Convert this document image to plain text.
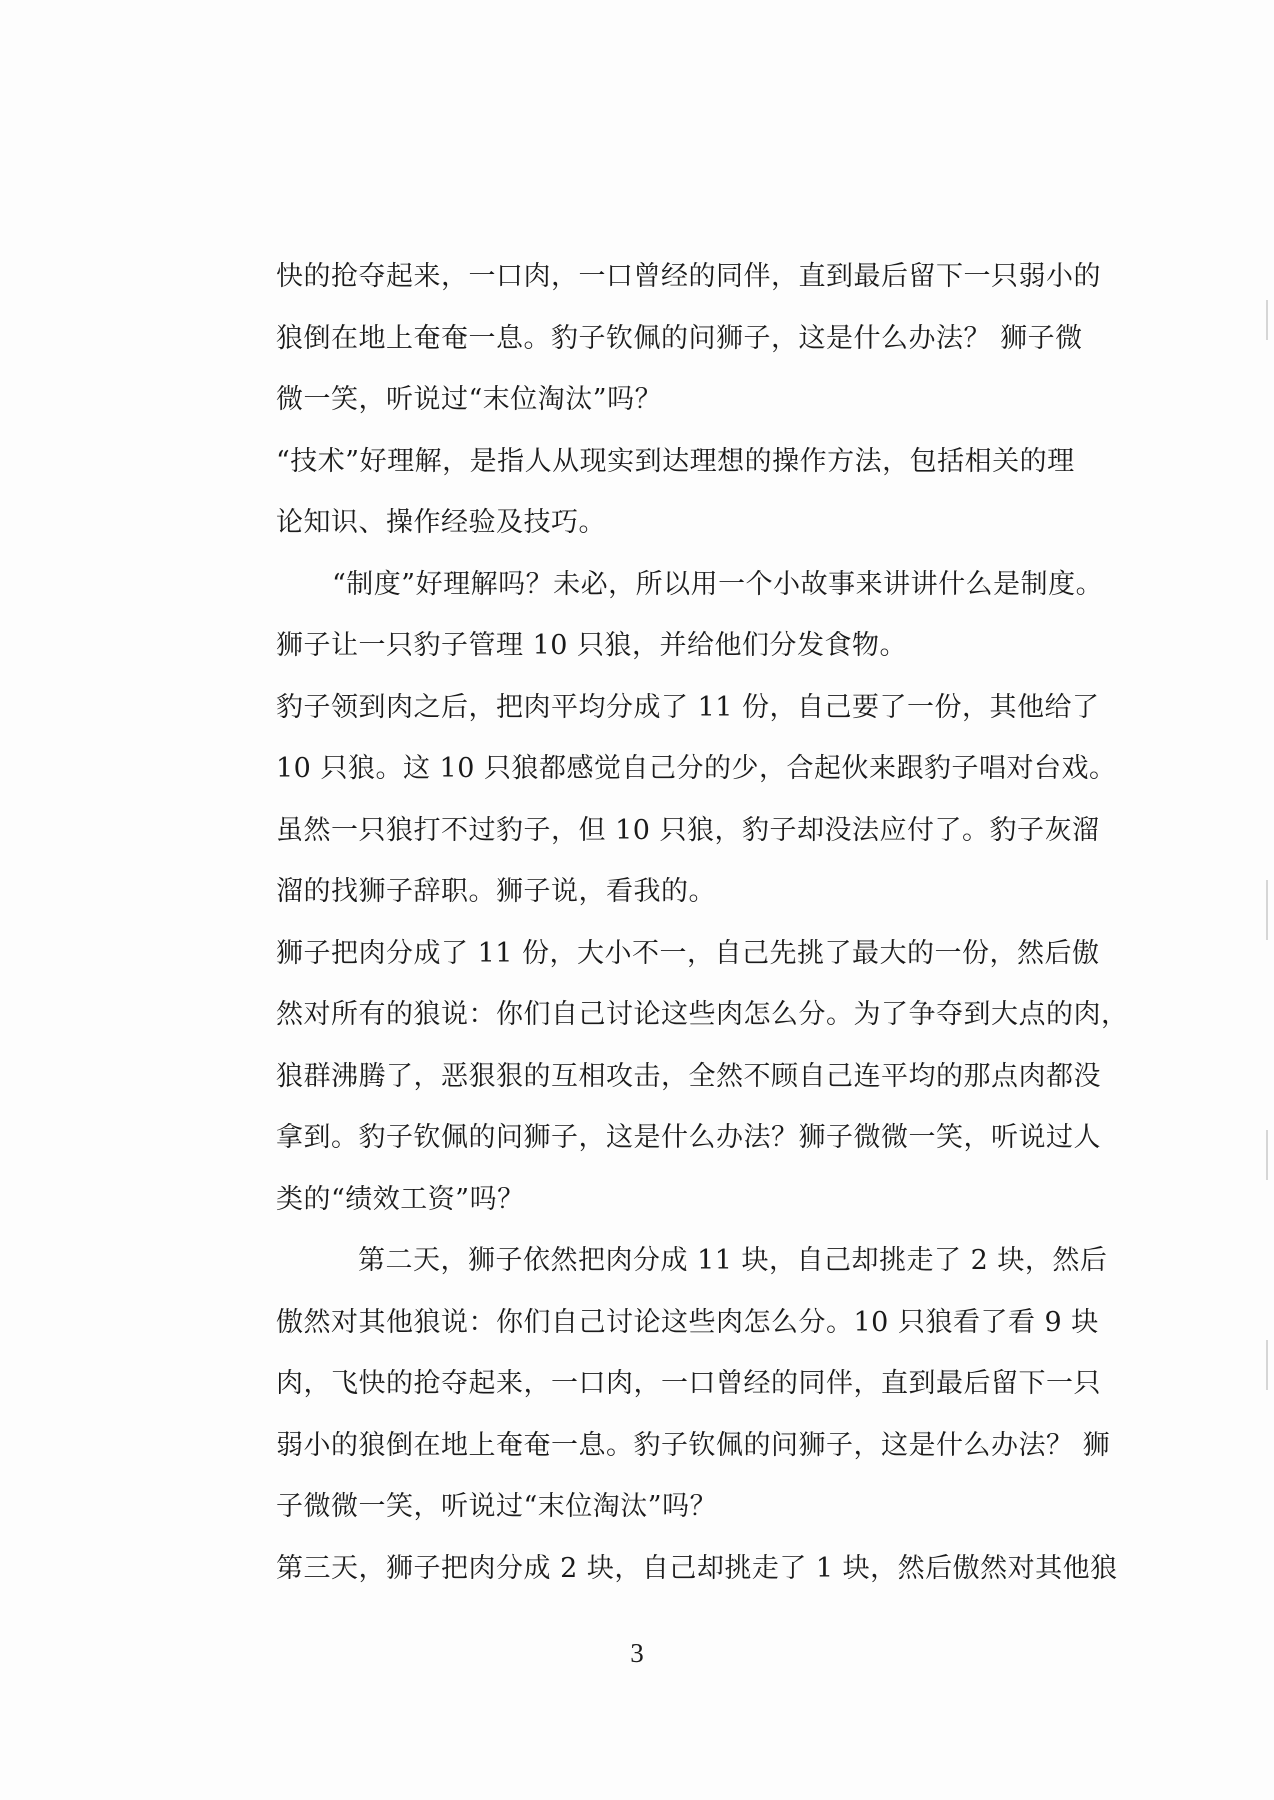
快的抢夺起来，一口肉，一口曾经的同伴，直到最后留下一只弱小的
狼倒在地上奄奄一息。豹子钦佩的问狮子，这是什么办法？ 狮子微
微一笑，听说过“末位淘汰”吗？
“技术”好理解，是指人从现实到达理想的操作方法，包括相关的理
论知识、操作经验及技巧。
“制度”好理解吗？未必，所以用一个小故事来讲讲什么是制度。
狮子让一只豹子管理 10 只狼，并给他们分发食物。
豹子领到肉之后，把肉平均分成了 11 份，自己要了一份，其他给了
10 只狼。这 10 只狼都感觉自己分的少，合起伙来跟豹子唱对台戏。
虽然一只狼打不过豹子，但 10 只狼，豹子却没法应付了。豹子灰溜
溜的找狮子辞职。狮子说，看我的。
狮子把肉分成了 11 份，大小不一，自己先挑了最大的一份，然后傲
然对所有的狼说：你们自己讨论这些肉怎么分。为了争夺到大点的肉，
狼群沸腾了，恶狠狠的互相攻击，全然不顾自己连平均的那点肉都没
拿到。豹子钦佩的问狮子，这是什么办法？狮子微微一笑，听说过人
类的“绩效工资”吗？
第二天，狮子依然把肉分成 11 块，自己却挑走了 2 块，然后
傲然对其他狼说：你们自己讨论这些肉怎么分。10 只狼看了看 9 块
肉，飞快的抢夺起来，一口肉，一口曾经的同伴，直到最后留下一只
弱小的狼倒在地上奄奄一息。豹子钦佩的问狮子，这是什么办法？ 狮
子微微一笑，听说过“末位淘汰”吗？
第三天，狮子把肉分成 2 块，自己却挑走了 1 块，然后傲然对其他狼
3
